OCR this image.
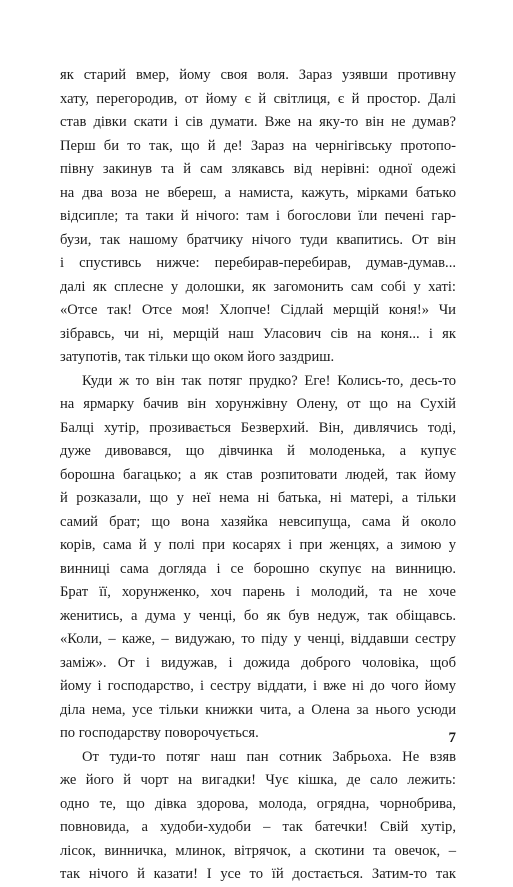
як старий вмер, йому своя воля. Зараз узявши противну
хату, перегородив, от йому є й світлиця, є й простор. Далі
став дівки скати і сів думати. Вже на яку-то він не думав?
Перш би то так, що й де! Зараз на чернігівську протопо-
півну закинув та й сам злякавсь від нерівні: одної одежі
на два воза не вбереш, а намиста, кажуть, мірками батько
відсипле; та таки й нічого: там і богослови їли печені гар-
бузи, так нашому братчику нічого туди квапитись. От він
і спустивсь нижче: перебирав-перебирав, думав-думав...
далі як сплесне у долошки, як загомонить сам собі у хаті:
«Отсе так! Отсе моя! Хлопче! Сідлай мерщій коня!» Чи
зібравсь, чи ні, мерщій наш Уласович сів на коня... і як
затупотів, так тільки що оком його заздриш.
Куди ж то він так потяг прудко? Еге! Колись-то, десь-то
на ярмарку бачив він хорунжівну Олену, от що на Сухій
Балці хутір, прозивається Безверхий. Він, дивлячись тоді,
дуже дивовався, що дівчинка й молоденька, а купує
борошна багацько; а як став розпитовати людей, так йому
й розказали, що у неї нема ні батька, ні матері, а тільки
самий брат; що вона хазяйка невсипуща, сама й около
корів, сама й у полі при косарях і при женцях, а зимою у
винниці сама догляда і се борошно скупує на винницю.
Брат її, хорунженко, хоч парень і молодий, та не хоче
женитись, а дума у ченці, бо як був недуж, так обіщавсь.
«Коли, – каже, – видужаю, то піду у ченці, віддавши сестру
заміж». От і видужав, і дожида доброго чоловіка, щоб
йому і господарство, і сестру віддати, і вже ні до чого йому
діла нема, усе тільки книжки чита, а Олена за нього усюди
по господарству поворочується.
От туди-то потяг наш пан сотник Забрьоха. Не взяв
же його й чорт на вигадки! Чує кішка, де сало лежить:
одно те, що дівка здорова, молода, огрядна, чорнобрива,
повновида, а худоби-худоби – так батечки! Свій хутір,
лісок, винничка, млинок, вітрячок, а скотини та овечок, –
так нічого й казати! І усе то їй достається. Затим-то так
7
